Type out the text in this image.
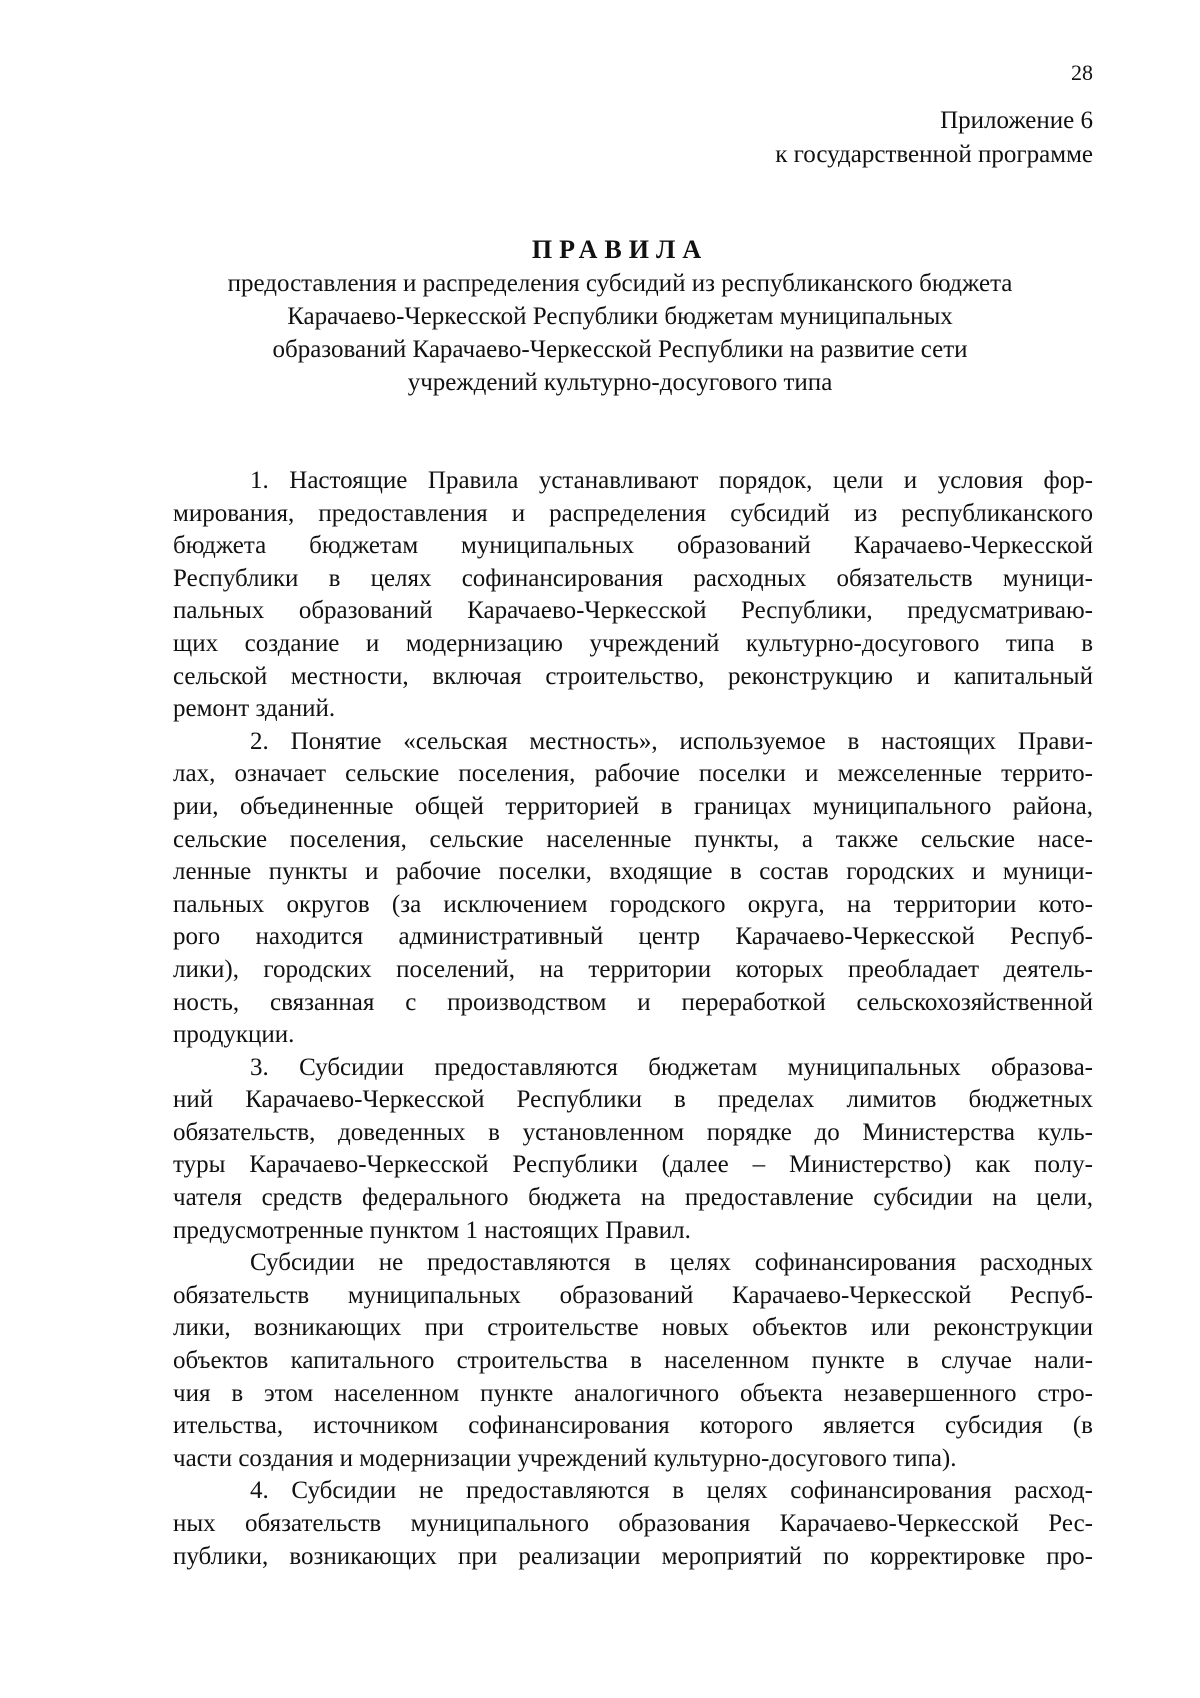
28
Приложение 6
к государственной программе
ПРАВИЛА
предоставления и распределения субсидий из республиканского бюджета
Карачаево-Черкесской Республики бюджетам муниципальных
образований Карачаево-Черкесской Республики на развитие сети
учреждений культурно-досугового типа

1. Настоящие Правила устанавливают порядок, цели и условия фор-
мирования, предоставления и распределения субсидий из республиканского
бюджета бюджетам муниципальных образований Карачаево-Черкесской
Республики в целях софинансирования расходных обязательств муници-
пальных образований Карачаево-Черкесской Республики, предусматриваю-
щих создание и модернизацию учреждений культурно-досугового типа в
сельской местности, включая строительство, реконструкцию и капитальный
ремонт зданий.

2. Понятие «сельская местность», используемое в настоящих Прави-
лах, означает сельские поселения, рабочие поселки и межселенные террито-
рии, объединенные общей территорией в границах муниципального района,
сельские поселения, сельские населенные пункты, а также сельские насе-
ленные пункты и рабочие поселки, входящие в состав городских и муници-
пальных округов (за исключением городского округа, на территории кото-
рого находится административный центр Карачаево-Черкесской Респуб-
лики), городских поселений, на территории которых преобладает деятель-
ность, связанная с производством и переработкой сельскохозяйственной
продукции.

3. Субсидии предоставляются бюджетам муниципальных образова-
ний Карачаево-Черкесской Республики в пределах лимитов бюджетных
обязательств, доведенных в установленном порядке до Министерства куль-
туры Карачаево-Черкесской Республики (далее – Министерство) как полу-
чателя средств федерального бюджета на предоставление субсидии на цели,
предусмотренные пунктом 1 настоящих Правил.

Субсидии не предоставляются в целях софинансирования расходных
обязательств муниципальных образований Карачаево-Черкесской Респуб-
лики, возникающих при строительстве новых объектов или реконструкции
объектов капитального строительства в населенном пункте в случае нали-
чия в этом населенном пункте аналогичного объекта незавершенного стро-
ительства, источником софинансирования которого является субсидия (в
части создания и модернизации учреждений культурно-досугового типа).

4. Субсидии не предоставляются в целях софинансирования расход-
ных обязательств муниципального образования Карачаево-Черкесской Рес-
публики, возникающих при реализации мероприятий по корректировке про-
